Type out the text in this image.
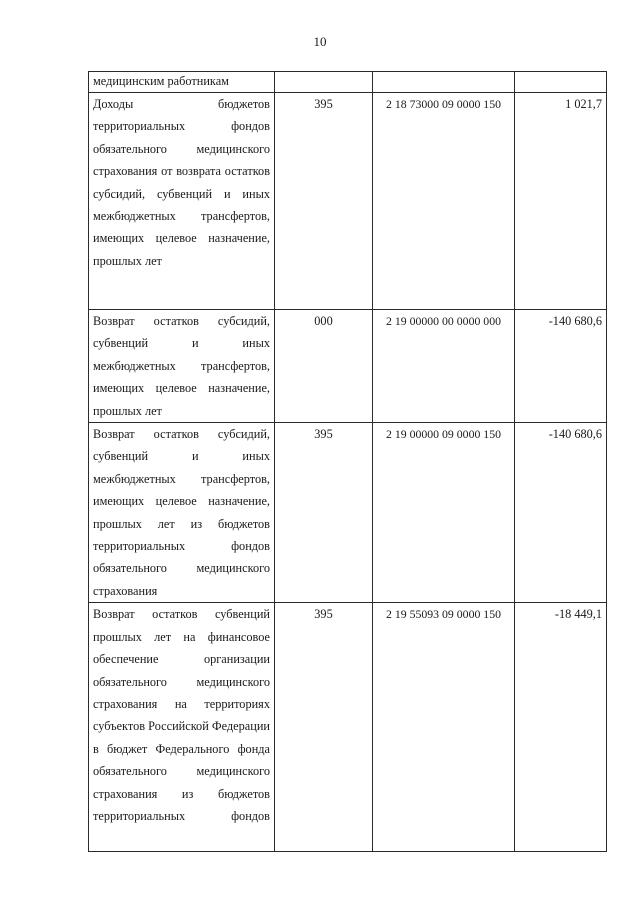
10
медицинским работникам			
Доходы бюджетов территориальных фондов обязательного медицинского страхования от возврата остатков субсидий, субвенций и иных межбюджетных трансфертов, имеющих целевое назначение, прошлых лет	395	2 18 73000 09 0000 150	1 021,7
Возврат остатков субсидий, субвенций и иных межбюджетных трансфертов, имеющих целевое назначение, прошлых лет	000	2 19 00000 00 0000 000	-140 680,6
Возврат остатков субсидий, субвенций и иных межбюджетных трансфертов, имеющих целевое назначение, прошлых лет из бюджетов территориальных фондов обязательного медицинского страхования	395	2 19 00000 09 0000 150	-140 680,6
Возврат остатков субвенций прошлых лет на финансовое обеспечение организации обязательного медицинского страхования на территориях субъектов Российской Федерации в бюджет Федерального фонда обязательного медицинского страхования из бюджетов территориальных фондов	395	2 19 55093 09 0000 150	-18 449,1
